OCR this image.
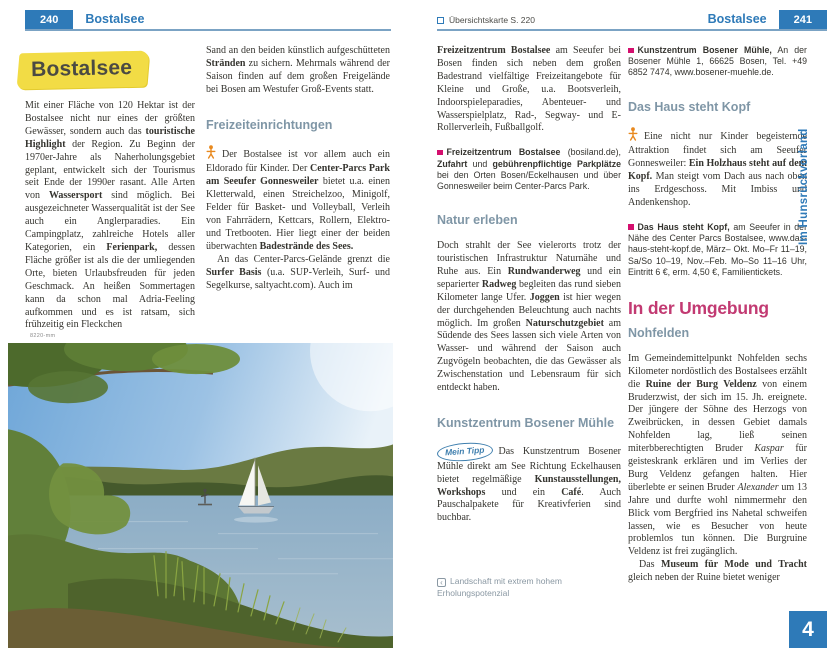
240	Bostalsee	Übersichtskarte S. 220	Bostalsee	241
Bostalsee

Mit einer Fläche von 120 Hektar ist der Bostalsee nicht nur eines der größten Gewässer, sondern auch das touristische Highlight der Region. Zu Beginn der 1970er-Jahre als Naherholungsgebiet geplant, entwickelt sich der Tourismus seit Ende der 1990er rasant. Alle Arten von Wassersport sind möglich. Bei ausgezeichneter Wasserqualität ist der See auch ein Anglerparadies. Ein Campingplatz, zahlreiche Hotels aller Kategorien, ein Ferienpark, dessen Fläche größer ist als die der umliegenden Orte, bieten Urlaubsfreuden für jeden Geschmack. An heißen Sommertagen kann da schon mal Adria-Feeling aufkommen und es ist ratsam, sich frühzeitig ein Fleckchen

Sand an den beiden künstlich aufgeschütteten Stränden zu sichern. Mehrmals während der Saison finden auf dem großen Freigelände bei Bosen am Westufer Groß-Events statt.

Freizeiteinrichtungen

Der Bostalsee ist vor allem auch ein Eldorado für Kinder. Der Center-Parcs Park am Seeufer Gonnesweiler bietet u.a. einen Kletterwald, einen Streichelzoo, Minigolf, Felder für Basket- und Volleyball, Verleih von Fahrrädern, Kettcars, Rollern, Elektro- und Tretbooten. Hier liegt einer der beiden überwachten Badestrände des Sees.

An das Center-Parcs-Gelände grenzt die Surfer Basis (u.a. SUP-Verleih, Surf- und Segelkurse, saltyacht.com). Auch im

8220-mm

Freizeitzentrum Bostalsee am Seeufer bei Bosen finden sich neben dem großen Badestrand vielfältige Freizeitangebote für Kleine und Große, u.a. Bootsverleih, Indoorspieleparadies, Abenteuer- und Wasserspielplatz, Rad-, Segway- und E-Rollerverleih, Fußballgolf.

Freizeitzentrum Bostalsee (bosiland.de), Zufahrt und gebührenpflichtige Parkplätze bei den Orten Bosen/Eckelhausen und über Gonnesweiler beim Center-Parcs Park.

Natur erleben

Doch strahlt der See vielerorts trotz der touristischen Infrastruktur Naturnähe und Ruhe aus. Ein Rundwanderweg und ein separierter Radweg begleiten das rund sieben Kilometer lange Ufer. Joggen ist hier wegen der durchgehenden Beleuchtung auch nachts möglich. Im großen Naturschutzgebiet am Südende des Sees lassen sich viele Arten von Wasser- und während der Saison auch Zugvögeln beobachten, die das Gewässer als Zwischenstation und Lebensraum für sich entdeckt haben.

Kunstzentrum Bosener Mühle

Mein Tipp Das Kunstzentrum Bosener Mühle direkt am See Richtung Eckelhausen bietet regelmäßige Kunstausstellungen, Workshops und ein Café. Auch Pauschalpakete für Kreativferien sind buchbar.

‹ Landschaft mit extrem hohem Erholungspotenzial

Kunstzentrum Bosener Mühle, An der Bosener Mühle 1, 66625 Bosen, Tel. +49 6852 7474, www.bosener-muehle.de.

Das Haus steht Kopf

Eine nicht nur Kinder begeisternde Attraktion findet sich am Seeufer Gonnesweiler: Ein Holzhaus steht auf dem Kopf. Man steigt vom Dach aus nach oben ins Erdgeschoss. Mit Imbiss und Andenkenshop.

Das Haus steht Kopf, am Seeufer in der Nähe des Center Parcs Bostalsee, www.das-haus-steht-kopf.de, März– Okt. Mo–Fr 11–19, Sa/So 10–19, Nov.–Feb. Mo–So 11–16 Uhr, Eintritt 6 €, erm. 4,50 €, Familientickets.

In der Umgebung
Nohfelden

Im Gemeindemittelpunkt Nohfelden sechs Kilometer nordöstlich des Bostalsees erzählt die Ruine der Burg Veldenz von einem Bruderzwist, der sich im 15. Jh. ereignete. Der jüngere der Söhne des Herzogs von Zweibrücken, in dessen Gebiet damals Nohfelden lag, ließ seinen miterbberechtigten Bruder Kaspar für geisteskrank erklären und im Verlies der Burg Veldenz gefangen halten. Hier überlebte er seinen Bruder Alexander um 13 Jahre und durfte wohl nimmermehr den Blick vom Bergfried ins Nahetal schweifen lassen, wie es Besucher von heute problemlos tun können. Die Burgruine Veldenz ist frei zugänglich.

Das Museum für Mode und Tracht gleich neben der Ruine bietet weniger

Im Hunsrückvorland
4
